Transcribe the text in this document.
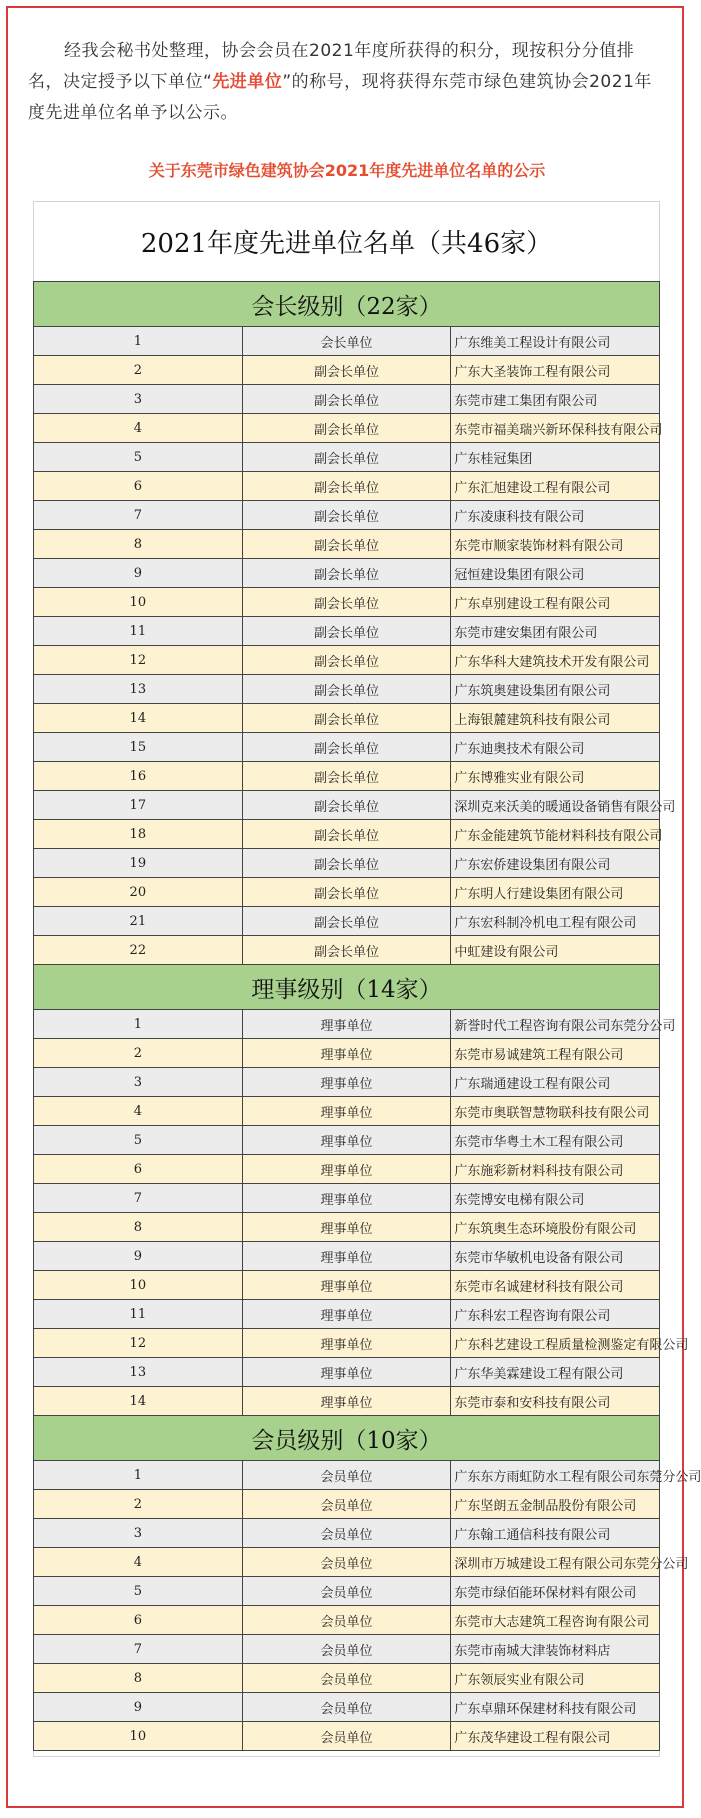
经我会秘书处整理，协会会员在2021年度所获得的积分，现按积分分值排名，决定授予以下单位“先进单位”的称号，现将获得东莞市绿色建筑协会2021年度先进单位名单予以公示。

关于东莞市绿色建筑协会2021年度先进单位名单的公示
2021年度先进单位名单（共46家）
会长级别（22家）		
1	会长单位	广东维美工程设计有限公司
2	副会长单位	广东大圣装饰工程有限公司
3	副会长单位	东莞市建工集团有限公司
4	副会长单位	东莞市福美瑞兴新环保科技有限公司
5	副会长单位	广东桂冠集团
6	副会长单位	广东汇旭建设工程有限公司
7	副会长单位	广东凌康科技有限公司
8	副会长单位	东莞市顺家装饰材料有限公司
9	副会长单位	冠恒建设集团有限公司
10	副会长单位	广东卓别建设工程有限公司
11	副会长单位	东莞市建安集团有限公司
12	副会长单位	广东华科大建筑技术开发有限公司
13	副会长单位	广东筑奥建设集团有限公司
14	副会长单位	上海银麓建筑科技有限公司
15	副会长单位	广东迪奥技术有限公司
16	副会长单位	广东博雅实业有限公司
17	副会长单位	深圳克来沃美的暖通设备销售有限公司
18	副会长单位	广东金能建筑节能材料科技有限公司
19	副会长单位	广东宏侨建设集团有限公司
20	副会长单位	广东明人行建设集团有限公司
21	副会长单位	广东宏科制冷机电工程有限公司
22	副会长单位	中虹建设有限公司
理事级别（14家）		
1	理事单位	新誉时代工程咨询有限公司东莞分公司
2	理事单位	东莞市易诚建筑工程有限公司
3	理事单位	广东瑞通建设工程有限公司
4	理事单位	东莞市奥联智慧物联科技有限公司
5	理事单位	东莞市华粤土木工程有限公司
6	理事单位	广东施彩新材料科技有限公司
7	理事单位	东莞博安电梯有限公司
8	理事单位	广东筑奥生态环境股份有限公司
9	理事单位	东莞市华敏机电设备有限公司
10	理事单位	东莞市名诚建材科技有限公司
11	理事单位	广东科宏工程咨询有限公司
12	理事单位	广东科艺建设工程质量检测鉴定有限公司
13	理事单位	广东华美霖建设工程有限公司
14	理事单位	东莞市泰和安科技有限公司
会员级别（10家）		
1	会员单位	广东东方雨虹防水工程有限公司东莞分公司
2	会员单位	广东坚朗五金制品股份有限公司
3	会员单位	广东翰工通信科技有限公司
4	会员单位	深圳市万城建设工程有限公司东莞分公司
5	会员单位	东莞市绿佰能环保材料有限公司
6	会员单位	东莞市大志建筑工程咨询有限公司
7	会员单位	东莞市南城大津装饰材料店
8	会员单位	广东领辰实业有限公司
9	会员单位	广东卓鼎环保建材科技有限公司
10	会员单位	广东茂华建设工程有限公司
